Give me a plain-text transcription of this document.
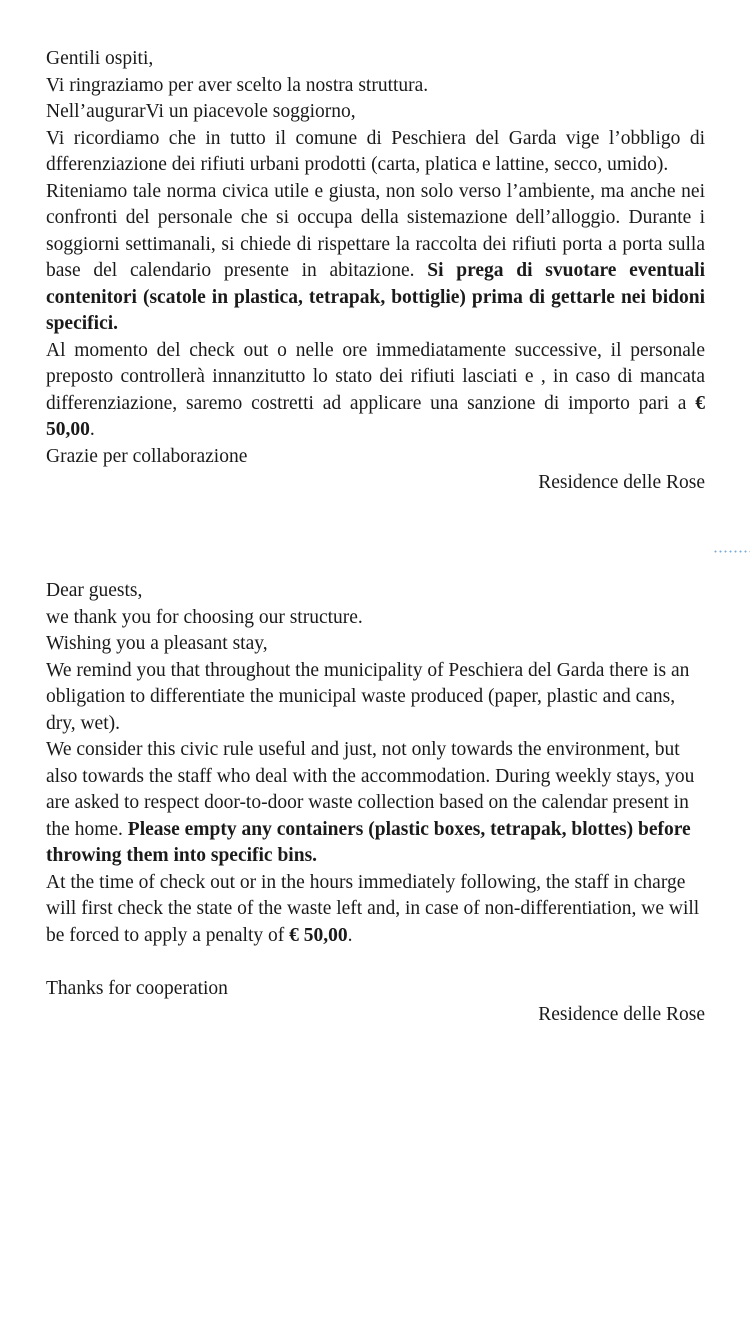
Gentili ospiti,
Vi ringraziamo per aver scelto la nostra struttura.
Nell’augurarVi un piacevole soggiorno,
Vi ricordiamo che in tutto il comune di Peschiera del Garda vige l’obbligo di dfferenziazione dei rifiuti urbani prodotti (carta, platica e lattine, secco, umido).
Riteniamo tale norma civica utile e giusta, non solo verso l’ambiente, ma anche nei confronti del personale che si occupa della sistemazione dell’alloggio. Durante i soggiorni settimanali, si chiede di rispettare la raccolta dei rifiuti porta a porta sulla base del calendario presente in abitazione. Si prega di svuotare eventuali contenitori (scatole in plastica, tetrapak, bottiglie) prima di gettarle nei bidoni specifici.
Al momento del check out o nelle ore immediatamente successive, il personale preposto controllerà innanzitutto lo stato dei rifiuti lasciati e , in caso di mancata differenziazione, saremo costretti ad applicare una sanzione di importo pari a € 50,00.
Grazie per collaborazione
Residence delle Rose
Dear guests,
we thank you for choosing our structure.
Wishing you a pleasant stay,
We remind you that throughout the municipality of Peschiera del Garda there is an obligation to differentiate the municipal waste produced (paper, plastic and cans, dry, wet).
We consider this civic rule useful and just, not only towards the environment, but also towards the staff who deal with the accommodation. During weekly stays, you are asked to respect door-to-door waste collection based on the calendar present in the home. Please empty any containers (plastic boxes, tetrapak, blottes) before throwing them into specific bins.
At the time of check out or in the hours immediately following, the staff in charge will first check the state of the waste left and, in case of non-differentiation, we will be forced to apply a penalty of € 50,00.
Thanks for cooperation
Residence delle Rose
